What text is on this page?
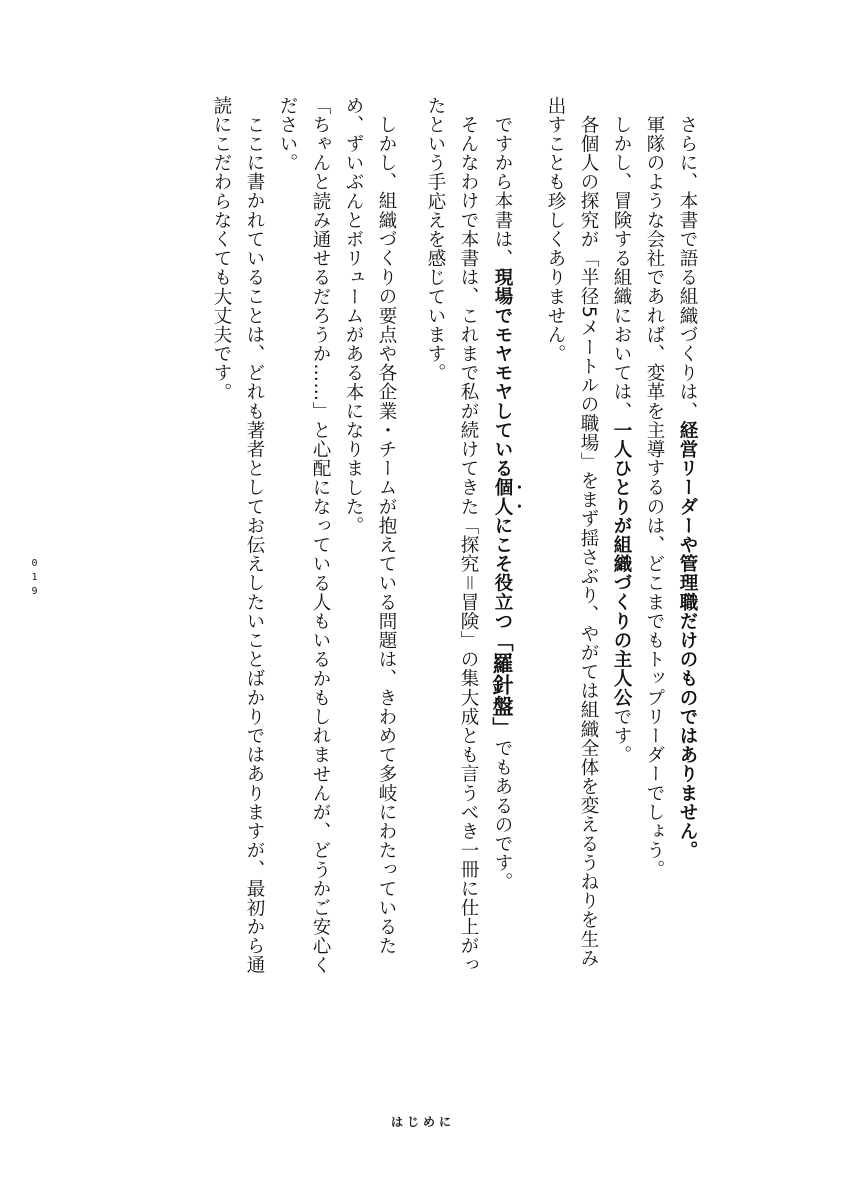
さらに、本書で語る組織づくりは、経営リーダーや管理職だけのものではありません。

軍隊のような会社であれば、変革を主導するのは、どこまでもトップリーダーでしょう。

しかし、冒険する組織においては、一人ひとりが組織づくりの主人公です。

各個人の探究が「半径5メートルの職場」をまず揺さぶり、やがては組織全体を変えるうねりを生み出すことも珍しくありません。

ですから本書は、現場でモヤモヤしている個人にこそ役立つ「羅針盤」でもあるのです。

そんなわけで本書は、これまで私が続けてきた「探究＝冒険」の集大成とも言うべき一冊に仕上がったという手応えを感じています。

しかし、組織づくりの要点や各企業・チームが抱えている問題は、きわめて多岐にわたっているため、ずいぶんとボリュームがある本になりました。

「ちゃんと読み通せるだろうか……」と心配になっている人もいるかもしれませんが、どうかご安心ください。

ここに書かれていることは、どれも著者としてお伝えしたいことばかりではありますが、最初から通読にこだわらなくても大丈夫です。

019
はじめに
